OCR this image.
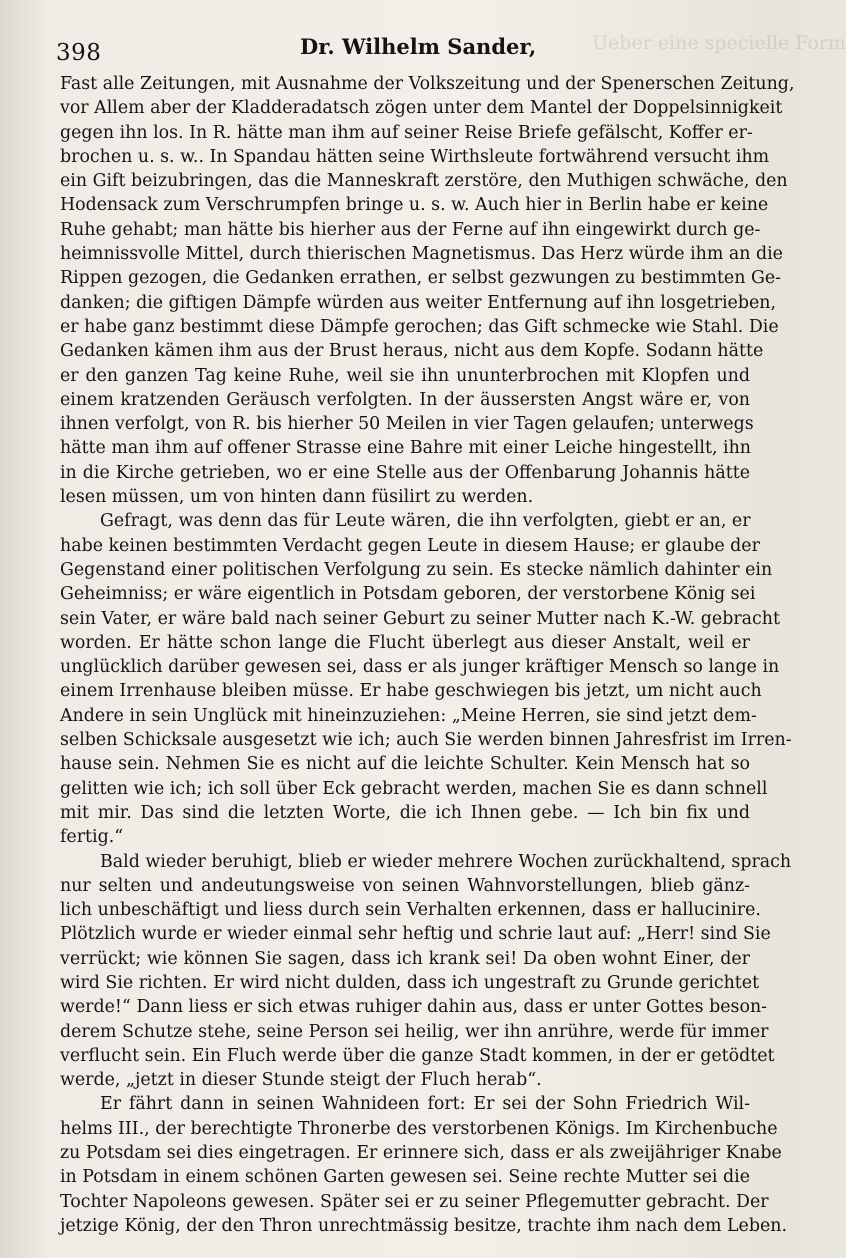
398	Dr. Wilhelm Sander,	Ueber eine specielle Form
Fast alle Zeitungen, mit Ausnahme der Volkszeitung und der Spenerschen Zeitung,
vor Allem aber der Kladderadatsch zögen unter dem Mantel der Doppelsinnigkeit
gegen ihn los. In R. hätte man ihm auf seiner Reise Briefe gefälscht, Koffer er-
brochen u. s. w.. In Spandau hätten seine Wirthsleute fortwährend versucht ihm
ein Gift beizubringen, das die Manneskraft zerstöre, den Muthigen schwäche, den
Hodensack zum Verschrumpfen bringe u. s. w. Auch hier in Berlin habe er keine
Ruhe gehabt; man hätte bis hierher aus der Ferne auf ihn eingewirkt durch ge-
heimnissvolle Mittel, durch thierischen Magnetismus. Das Herz würde ihm an die
Rippen gezogen, die Gedanken errathen, er selbst gezwungen zu bestimmten Ge-
danken; die giftigen Dämpfe würden aus weiter Entfernung auf ihn losgetrieben,
er habe ganz bestimmt diese Dämpfe gerochen; das Gift schmecke wie Stahl. Die
Gedanken kämen ihm aus der Brust heraus, nicht aus dem Kopfe. Sodann hätte
er den ganzen Tag keine Ruhe, weil sie ihn ununterbrochen mit Klopfen und
einem kratzenden Geräusch verfolgten. In der äussersten Angst wäre er, von
ihnen verfolgt, von R. bis hierher 50 Meilen in vier Tagen gelaufen; unterwegs
hätte man ihm auf offener Strasse eine Bahre mit einer Leiche hingestellt, ihn
in die Kirche getrieben, wo er eine Stelle aus der Offenbarung Johannis hätte
lesen müssen, um von hinten dann füsilirt zu werden.
Gefragt, was denn das für Leute wären, die ihn verfolgten, giebt er an, er
habe keinen bestimmten Verdacht gegen Leute in diesem Hause; er glaube der
Gegenstand einer politischen Verfolgung zu sein. Es stecke nämlich dahinter ein
Geheimniss; er wäre eigentlich in Potsdam geboren, der verstorbene König sei
sein Vater, er wäre bald nach seiner Geburt zu seiner Mutter nach K.-W. gebracht
worden. Er hätte schon lange die Flucht überlegt aus dieser Anstalt, weil er
unglücklich darüber gewesen sei, dass er als junger kräftiger Mensch so lange in
einem Irrenhause bleiben müsse. Er habe geschwiegen bis jetzt, um nicht auch
Andere in sein Unglück mit hineinzuziehen: „Meine Herren, sie sind jetzt dem-
selben Schicksale ausgesetzt wie ich; auch Sie werden binnen Jahresfrist im Irren-
hause sein. Nehmen Sie es nicht auf die leichte Schulter. Kein Mensch hat so
gelitten wie ich; ich soll über Eck gebracht werden, machen Sie es dann schnell
mit mir. Das sind die letzten Worte, die ich Ihnen gebe. — Ich bin fix und
fertig.“
Bald wieder beruhigt, blieb er wieder mehrere Wochen zurückhaltend, sprach
nur selten und andeutungsweise von seinen Wahnvorstellungen, blieb gänz-
lich unbeschäftigt und liess durch sein Verhalten erkennen, dass er hallucinire.
Plötzlich wurde er wieder einmal sehr heftig und schrie laut auf: „Herr! sind Sie
verrückt; wie können Sie sagen, dass ich krank sei! Da oben wohnt Einer, der
wird Sie richten. Er wird nicht dulden, dass ich ungestraft zu Grunde gerichtet
werde!“ Dann liess er sich etwas ruhiger dahin aus, dass er unter Gottes beson-
derem Schutze stehe, seine Person sei heilig, wer ihn anrühre, werde für immer
verflucht sein. Ein Fluch werde über die ganze Stadt kommen, in der er getödtet
werde, „jetzt in dieser Stunde steigt der Fluch herab“.
Er fährt dann in seinen Wahnideen fort: Er sei der Sohn Friedrich Wil-
helms III., der berechtigte Thronerbe des verstorbenen Königs. Im Kirchenbuche
zu Potsdam sei dies eingetragen. Er erinnere sich, dass er als zweijähriger Knabe
in Potsdam in einem schönen Garten gewesen sei. Seine rechte Mutter sei die
Tochter Napoleons gewesen. Später sei er zu seiner Pflegemutter gebracht. Der
jetzige König, der den Thron unrechtmässig besitze, trachte ihm nach dem Leben.
